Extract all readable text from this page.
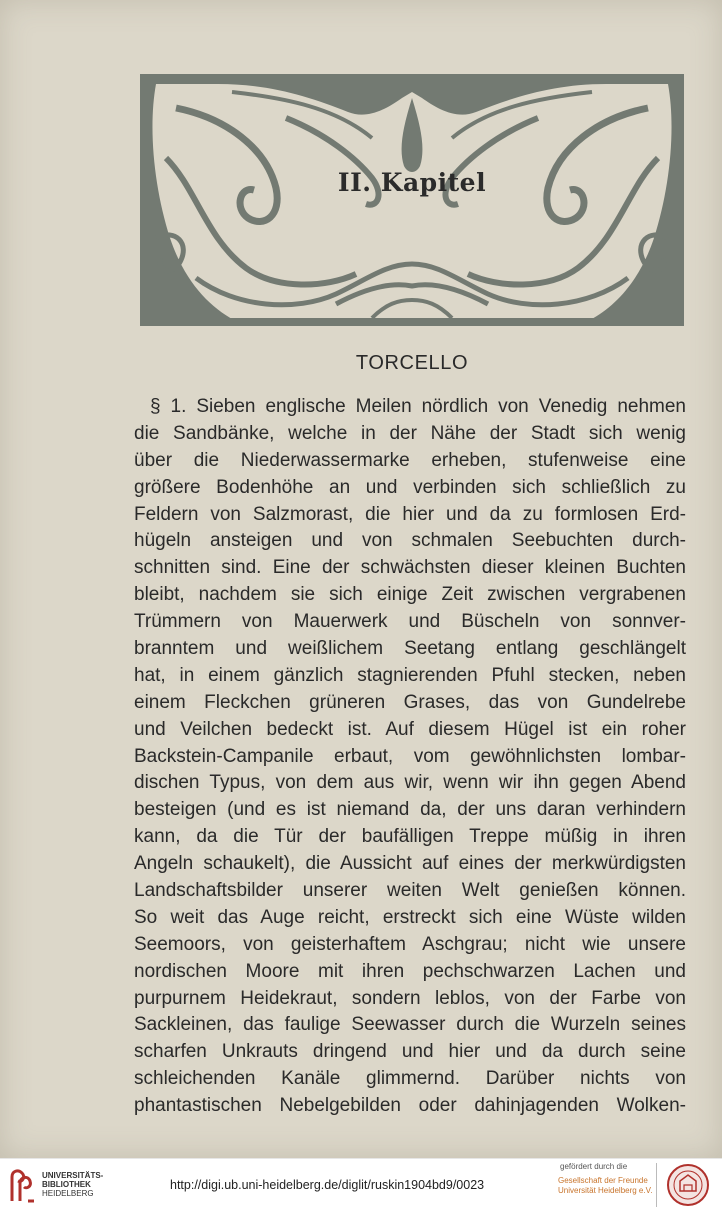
II. Kapitel
TORCELLO
§ 1. Sieben englische Meilen nördlich von Venedig nehmen
die Sandbänke, welche in der Nähe der Stadt sich wenig
über die Niederwassermarke erheben, stufenweise eine
größere Bodenhöhe an und verbinden sich schließlich zu
Feldern von Salzmorast, die hier und da zu formlosen Erd-
hügeln ansteigen und von schmalen Seebuchten durch-
schnitten sind. Eine der schwächsten dieser kleinen Buchten
bleibt, nachdem sie sich einige Zeit zwischen vergrabenen
Trümmern von Mauerwerk und Büscheln von sonnver-
branntem und weißlichem Seetang entlang geschlängelt
hat, in einem gänzlich stagnierenden Pfuhl stecken, neben
einem Fleckchen grüneren Grases, das von Gundelrebe
und Veilchen bedeckt ist. Auf diesem Hügel ist ein roher
Backstein-Campanile erbaut, vom gewöhnlichsten lombar-
dischen Typus, von dem aus wir, wenn wir ihn gegen Abend
besteigen (und es ist niemand da, der uns daran verhindern
kann, da die Tür der baufälligen Treppe müßig in ihren
Angeln schaukelt), die Aussicht auf eines der merkwürdigsten
Landschaftsbilder unserer weiten Welt genießen können.
So weit das Auge reicht, erstreckt sich eine Wüste wilden
Seemoors, von geisterhaftem Aschgrau; nicht wie unsere
nordischen Moore mit ihren pechschwarzen Lachen und
purpurnem Heidekraut, sondern leblos, von der Farbe von
Sackleinen, das faulige Seewasser durch die Wurzeln seines
scharfen Unkrauts dringend und hier und da durch seine
schleichenden Kanäle glimmernd. Darüber nichts von
phantastischen Nebelgebilden oder dahinjagenden Wolken-
UNIVERSITÄTS-
BIBLIOTHEK
HEIDELBERG
http://digi.ub.uni-heidelberg.de/diglit/ruskin1904bd9/0023
gefördert durch die
Gesellschaft der Freunde
Universität Heidelberg e.V.
